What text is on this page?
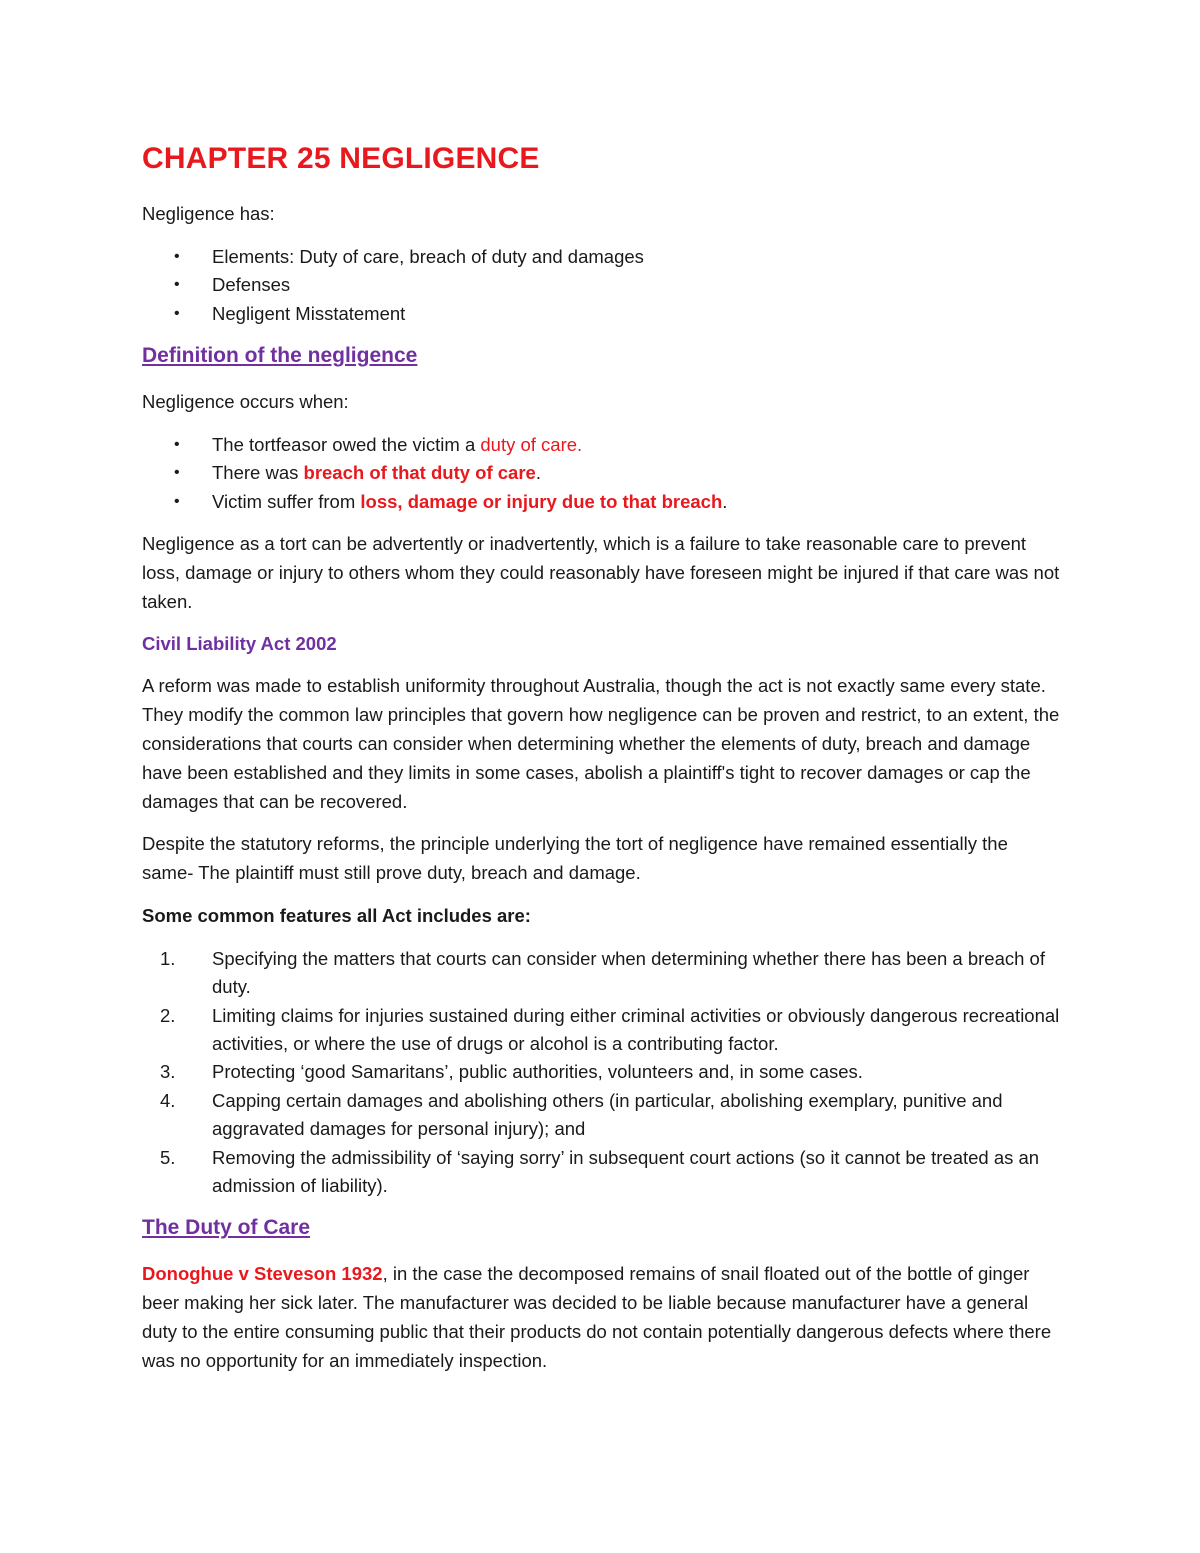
CHAPTER 25 NEGLIGENCE

Negligence has:

• Elements: Duty of care, breach of duty and damages
• Defenses
• Negligent Misstatement
Definition of the negligence

Negligence occurs when:

• The tortfeasor owed the victim a duty of care.
• There was breach of that duty of care.
• Victim suffer from loss, damage or injury due to that breach.

Negligence as a tort can be advertently or inadvertently, which is a failure to take reasonable care to prevent loss, damage or injury to others whom they could reasonably have foreseen might be injured if that care was not taken.

Civil Liability Act 2002

A reform was made to establish uniformity throughout Australia, though the act is not exactly same every state. They modify the common law principles that govern how negligence can be proven and restrict, to an extent, the considerations that courts can consider when determining whether the elements of duty, breach and damage have been established and they limits in some cases, abolish a plaintiff's tight to recover damages or cap the damages that can be recovered.

Despite the statutory reforms, the principle underlying the tort of negligence have remained essentially the same- The plaintiff must still prove duty, breach and damage.

Some common features all Act includes are:

1.	Specifying the matters that courts can consider when determining whether there has been a breach of duty.
2.	Limiting claims for injuries sustained during either criminal activities or obviously dangerous recreational activities, or where the use of drugs or alcohol is a contributing factor.
3.	Protecting ‘good Samaritans’, public authorities, volunteers and, in some cases.
4.	Capping certain damages and abolishing others (in particular, abolishing exemplary, punitive and aggravated damages for personal injury); and
5.	Removing the admissibility of ‘saying sorry’ in subsequent court actions (so it cannot be treated as an admission of liability).
The Duty of Care

Donoghue v Steveson 1932, in the case the decomposed remains of snail floated out of the bottle of ginger beer making her sick later. The manufacturer was decided to be liable because manufacturer have a general duty to the entire consuming public that their products do not contain potentially dangerous defects where there was no opportunity for an immediately inspection.
